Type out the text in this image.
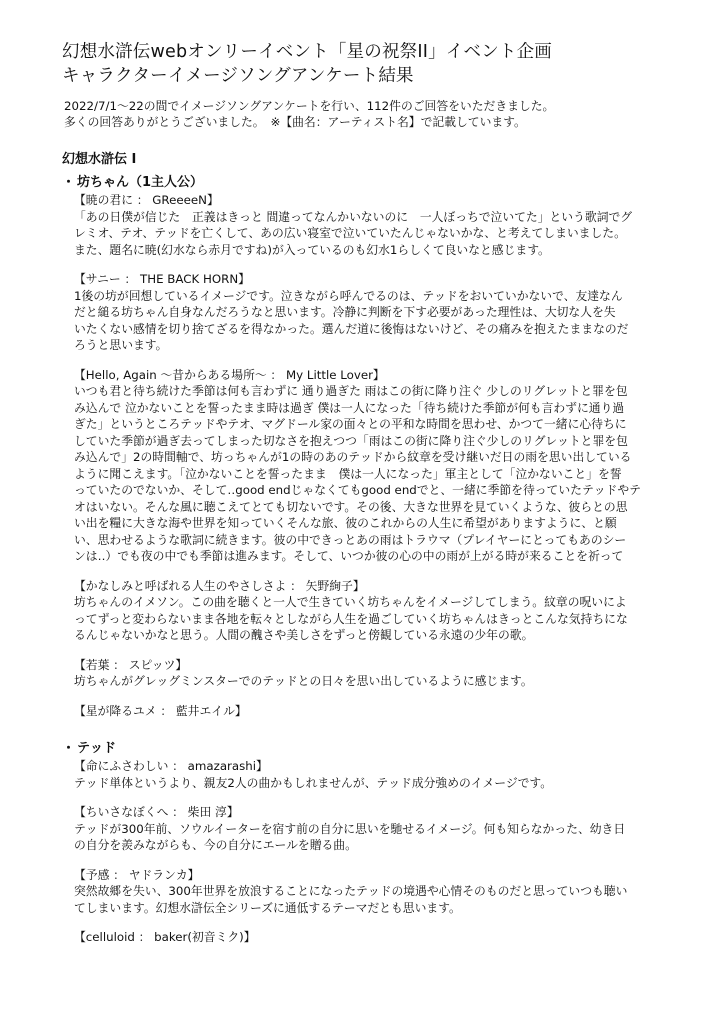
幻想水滸伝webオンリーイベント「星の祝祭II」イベント企画
キャラクターイメージソングアンケート結果
2022/7/1～22の間でイメージソングアンケートを行い、112件のご回答をいただきました。
多くの回答ありがとうございました。　※【曲名：アーティスト名】で記載しています。
幻想水滸伝 I
・ 坊ちゃん（1主人公）
【暁の君に ： GReeeeN】
「あの日僕が信じた　正義はきっと 間違ってなんかいないのに　一人ぼっちで泣いてた」という歌詞でグ
レミオ、テオ、テッドを亡くして、あの広い寝室で泣いていたんじゃないかな、と考えてしまいました。
また、題名に暁(幻水なら赤月ですね)が入っているのも幻水1らしくて良いなと感じます。
【サニー ： THE BACK HORN】
1後の坊が回想しているイメージです。泣きながら呼んでるのは、テッドをおいていかないで、友達なん
だと縋る坊ちゃん自身なんだろうなと思います。冷静に判断を下す必要があった理性は、大切な人を失
いたくない感情を切り捨てざるを得なかった。選んだ道に後悔はないけど、その痛みを抱えたままなのだ
ろうと思います。
【Hello, Again 〜昔からある場所〜 ： My Little Lover】
いつも君と待ち続けた季節は何も言わずに 通り過ぎた 雨はこの街に降り注ぐ 少しのリグレットと罪を包
み込んで 泣かないことを誓ったまま時は過ぎ 僕は一人になった「待ち続けた季節が何も言わずに通り過
ぎた」というところテッドやテオ、マグドール家の面々との平和な時間を思わせ、かつて一緒に心待ちに
していた季節が過ぎ去ってしまった切なさを抱えつつ「雨はこの街に降り注ぐ少しのリグレットと罪を包
み込んで」2の時間軸で、坊っちゃんが1の時のあのテッドから紋章を受け継いだ日の雨を思い出している
ように聞こえます。「泣かないことを誓ったまま　僕は一人になった」軍主として「泣かないこと」を誓
っていたのでないか、そして‥good endじゃなくてもgood endでと、一緒に季節を待っていたテッドやテ
オはいない。そんな風に聴こえてとても切ないです。その後、大きな世界を見ていくような、彼らとの思
い出を糧に大きな海や世界を知っていくそんな旅、彼のこれからの人生に希望がありますように、と願
い、思わせるような歌詞に続きます。彼の中できっとあの雨はトラウマ（プレイヤーにとってもあのシー
ンは‥）でも夜の中でも季節は進みます。そして、いつか彼の心の中の雨が上がる時が来ることを祈って
【かなしみと呼ばれる人生のやさしさよ ： 矢野絢子】
坊ちゃんのイメソン。この曲を聴くと一人で生きていく坊ちゃんをイメージしてしまう。紋章の呪いによ
ってずっと変わらないまま各地を転々としながら人生を過ごしていく坊ちゃんはきっとこんな気持ちにな
るんじゃないかなと思う。人間の醜さや美しさをずっと傍観している永遠の少年の歌。
【若葉 ： スピッツ】
坊ちゃんがグレッグミンスターでのテッドとの日々を思い出しているように感じます。
【星が降るユメ ： 藍井エイル】
・ テッド
【命にふさわしい ： amazarashi】
テッド単体というより、親友2人の曲かもしれませんが、テッド成分強めのイメージです。
【ちいさなぼくへ ： 柴田 淳】
テッドが300年前、ソウルイーターを宿す前の自分に思いを馳せるイメージ。何も知らなかった、幼き日
の自分を羨みながらも、今の自分にエールを贈る曲。
【予感 ： ヤドランカ】
突然故郷を失い、300年世界を放浪することになったテッドの境遇や心情そのものだと思っていつも聴い
てしまいます。幻想水滸伝全シリーズに通低するテーマだとも思います。
【celluloid ： baker(初音ミク)】
